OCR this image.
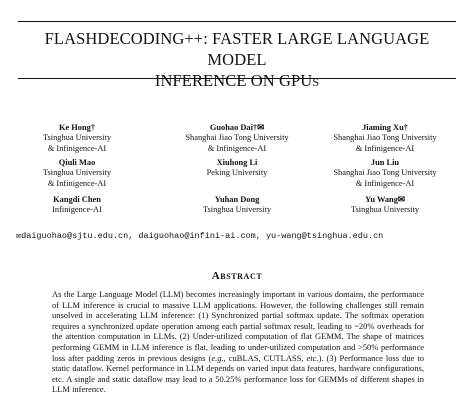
FLASHDECODING++: FASTER LARGE LANGUAGE MODEL
INFERENCE ON GPUs
Ke Hong†
Tsinghua University
& Infinigence-AI
Guohao Dai†✉
Shanghai Jiao Tong University
& Infinigence-AI
Jiaming Xu†
Shanghai Jiao Tong University
& Infinigence-AI
Qiuli Mao
Tsinghua University
& Infinigence-AI
Xiuhong Li
Peking University
Jun Liu
Shanghai Jiao Tong University
& Infinigence-AI
Kangdi Chen
Infinigence-AI
Yuhan Dong
Tsinghua University
Yu Wang✉
Tsinghua University
✉daiguohao@sjtu.edu.cn, daiguohao@infini-ai.com, yu-wang@tsinghua.edu.cn
Abstract

As the Large Language Model (LLM) becomes increasingly important in various domains, the performance of LLM inference is crucial to massive LLM applications. However, the following challenges still remain unsolved in accelerating LLM inference: (1) Synchronized partial softmax update. The softmax operation requires a synchronized update operation among each partial softmax result, leading to ~20% overheads for the attention computation in LLMs. (2) Under-utilized computation of flat GEMM. The shape of matrices performing GEMM in LLM inference is flat, leading to under-utilized computation and >50% performance loss after padding zeros in previous designs (e.g., cuBLAS, CUTLASS, etc.). (3) Performance loss due to static dataflow. Kernel performance in LLM depends on varied input data features, hardware configurations, etc. A single and static dataflow may lead to a 50.25% performance loss for GEMMs of different shapes in LLM inference.
